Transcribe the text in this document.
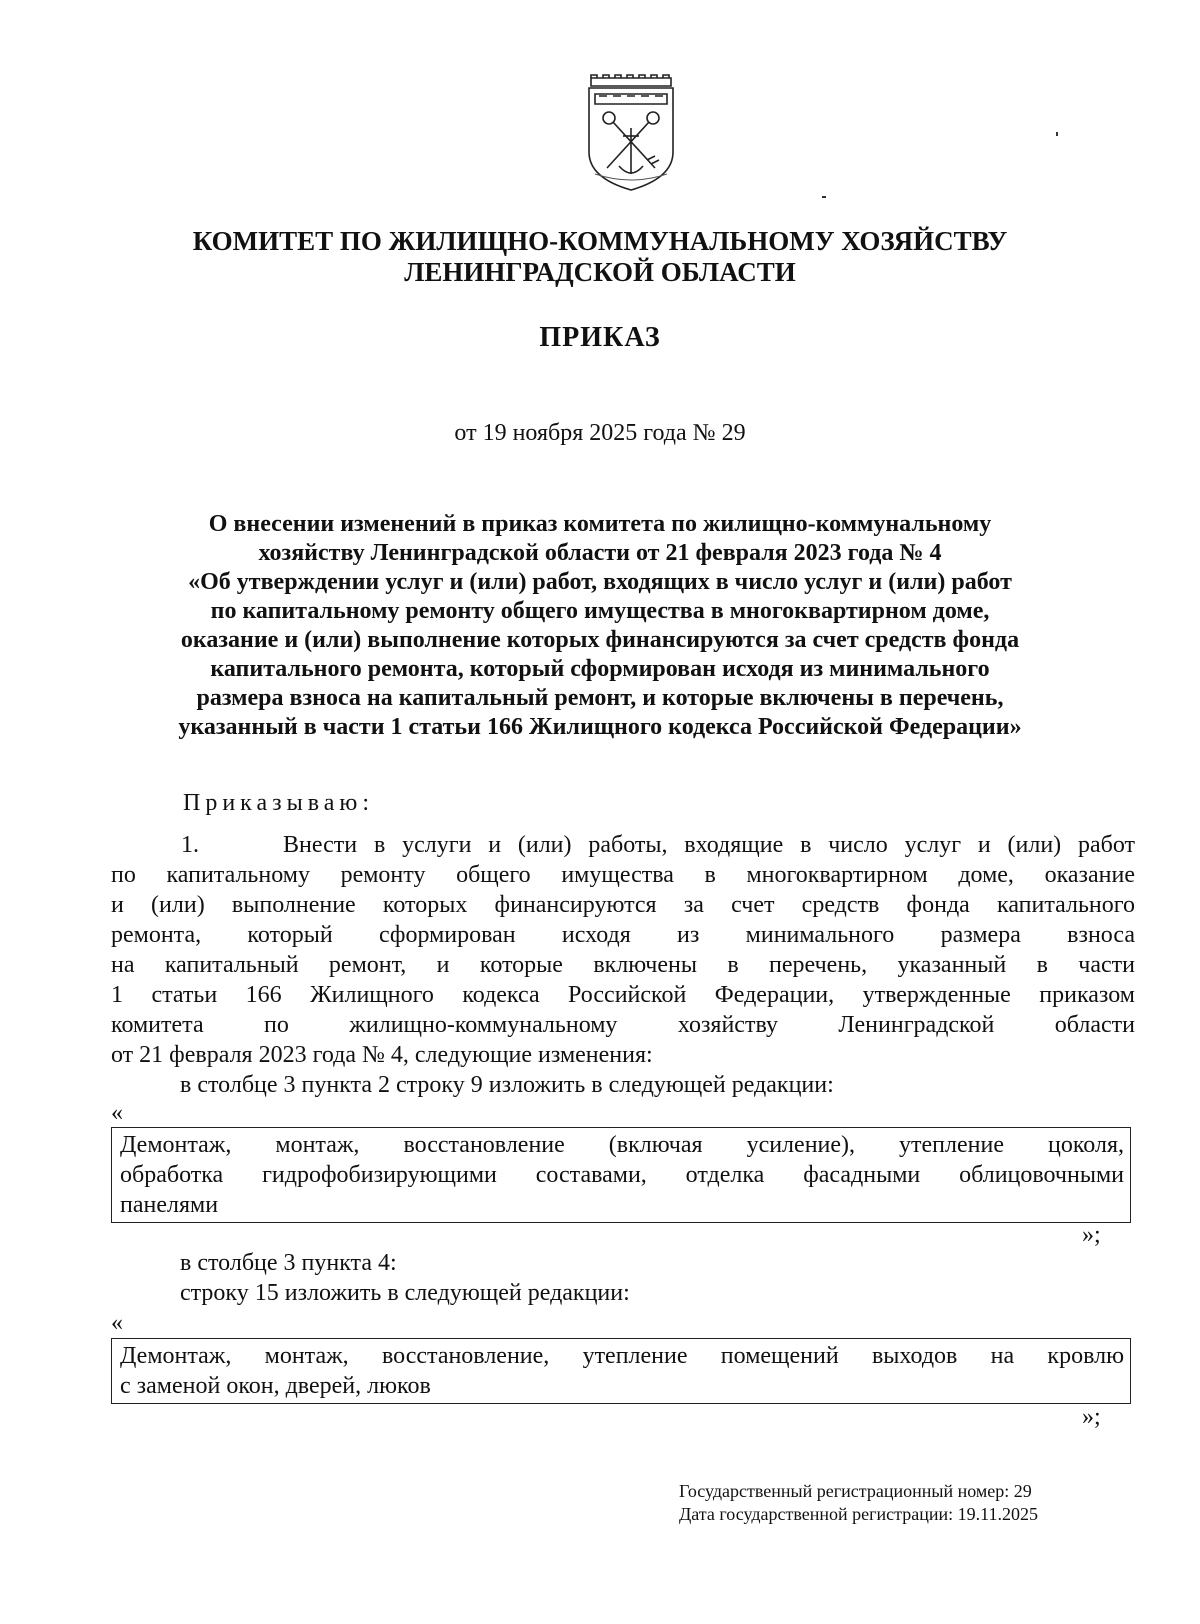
КОМИТЕТ ПО ЖИЛИЩНО-КОММУНАЛЬНОМУ ХОЗЯЙСТВУ
ЛЕНИНГРАДСКОЙ ОБЛАСТИ
ПРИКАЗ
от 19 ноября 2025 года № 29
О внесении изменений в приказ комитета по жилищно-коммунальному
хозяйству Ленинградской области от 21 февраля 2023 года № 4
«Об утверждении услуг и (или) работ, входящих в число услуг и (или) работ
по капитальному ремонту общего имущества в многоквартирном доме,
оказание и (или) выполнение которых финансируются за счет средств фонда
капитального ремонта, который сформирован исходя из минимального
размера взноса на капитальный ремонт, и которые включены в перечень,
указанный в части 1 статьи 166 Жилищного кодекса Российской Федерации»
Приказываю:
1.     Внести в услуги и (или) работы, входящие в число услуг и (или) работ
по капитальному ремонту общего имущества в многоквартирном доме, оказание
и (или) выполнение которых финансируются за счет средств фонда капитального
ремонта, который сформирован исходя из минимального размера взноса
на капитальный ремонт, и которые включены в перечень, указанный в части
1 статьи 166 Жилищного кодекса Российской Федерации, утвержденные приказом
комитета по жилищно-коммунальному хозяйству Ленинградской области
от 21 февраля 2023 года № 4, следующие изменения:
в столбце 3 пункта 2 строку 9 изложить в следующей редакции:
«
Демонтаж, монтаж, восстановление (включая усиление), утепление цоколя,
обработка гидрофобизирующими составами, отделка фасадными облицовочными
панелями
»;
в столбце 3 пункта 4:
строку 15 изложить в следующей редакции:
«
Демонтаж, монтаж, восстановление, утепление помещений выходов на кровлю
с заменой окон, дверей, люков
»;
Государственный регистрационный номер: 29
Дата государственной регистрации: 19.11.2025
